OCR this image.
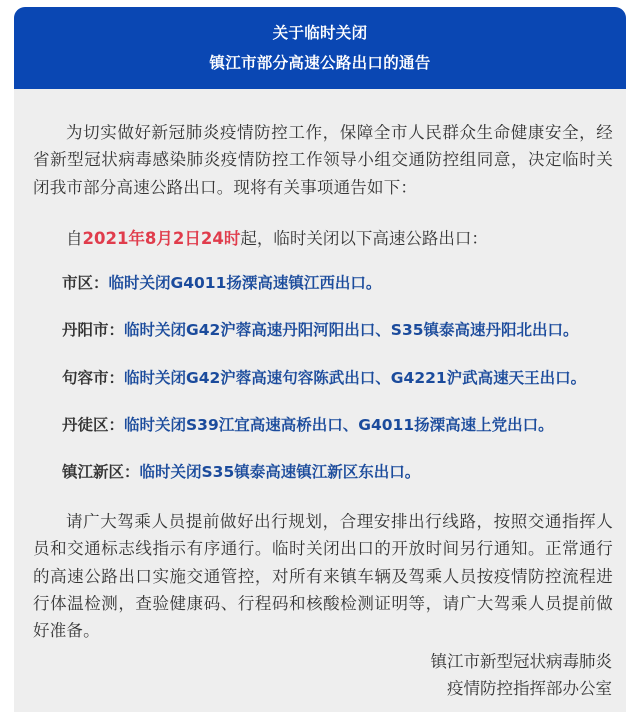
关于临时关闭
镇江市部分高速公路出口的通告
为切实做好新冠肺炎疫情防控工作，保障全市人民群众生命健康安全，经省新型冠状病毒感染肺炎疫情防控工作领导小组交通防控组同意，决定临时关闭我市部分高速公路出口。现将有关事项通告如下：
自2021年8月2日24时起，临时关闭以下高速公路出口：
市区：临时关闭G4011扬溧高速镇江西出口。
丹阳市：临时关闭G42沪蓉高速丹阳河阳出口、S35镇泰高速丹阳北出口。
句容市：临时关闭G42沪蓉高速句容陈武出口、G4221沪武高速天王出口。
丹徒区：临时关闭S39江宜高速高桥出口、G4011扬溧高速上党出口。
镇江新区：临时关闭S35镇泰高速镇江新区东出口。
请广大驾乘人员提前做好出行规划，合理安排出行线路，按照交通指挥人员和交通标志线指示有序通行。临时关闭出口的开放时间另行通知。正常通行的高速公路出口实施交通管控，对所有来镇车辆及驾乘人员按疫情防控流程进行体温检测，查验健康码、行程码和核酸检测证明等，请广大驾乘人员提前做好准备。
镇江市新型冠状病毒肺炎
疫情防控指挥部办公室
